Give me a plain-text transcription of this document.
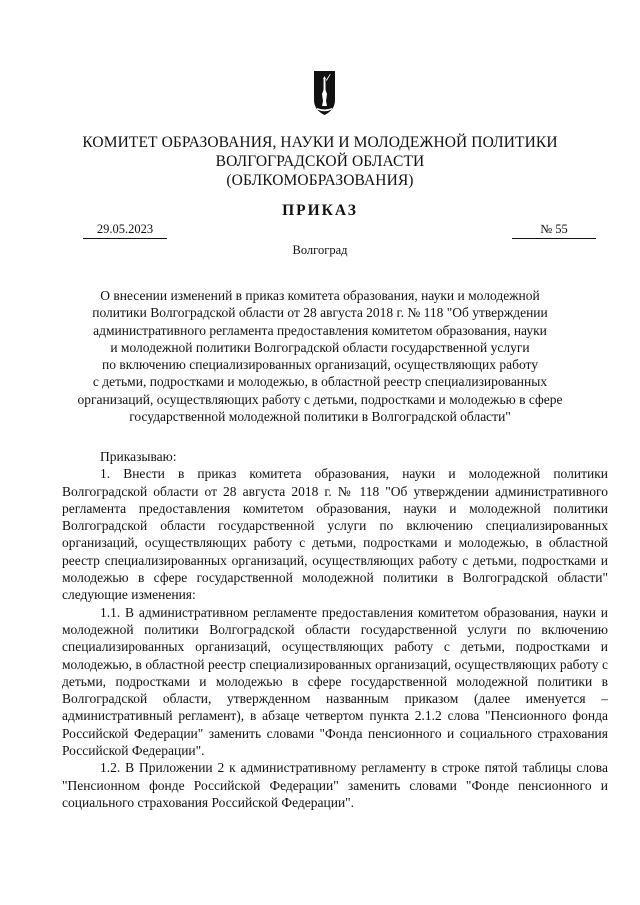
КОМИТЕТ ОБРАЗОВАНИЯ, НАУКИ И МОЛОДЕЖНОЙ ПОЛИТИКИ
ВОЛГОГРАДСКОЙ ОБЛАСТИ
(ОБЛКОМОБРАЗОВАНИЯ)
ПРИКАЗ
29.05.2023	№ 55
Волгоград
О внесении изменений в приказ комитета образования, науки и молодежной
политики Волгоградской области от 28 августа 2018 г. № 118 "Об утверждении
административного регламента предоставления комитетом образования, науки
и молодежной политики Волгоградской области государственной услуги
по включению специализированных организаций, осуществляющих работу
с детьми, подростками и молодежью, в областной реестр специализированных
организаций, осуществляющих работу с детьми, подростками и молодежью в сфере
государственной молодежной политики в Волгоградской области"

Приказываю:

1. Внести в приказ комитета образования, науки и молодежной политики Волгоградской области от 28 августа 2018 г. № 118 "Об утверждении административного регламента предоставления комитетом образования, науки и молодежной политики Волгоградской области государственной услуги по включению специализированных организаций, осуществляющих работу с детьми, подростками и молодежью, в областной реестр специализированных организаций, осуществляющих работу с детьми, подростками и молодежью в сфере государственной молодежной политики в Волгоградской области" следующие изменения:

1.1. В административном регламенте предоставления комитетом образования, науки и молодежной политики Волгоградской области государственной услуги по включению специализированных организаций, осуществляющих работу с детьми, подростками и молодежью, в областной реестр специализированных организаций, осуществляющих работу с детьми, подростками и молодежью в сфере государственной молодежной политики в Волгоградской области, утвержденном названным приказом (далее именуется – административный регламент), в абзаце четвертом пункта 2.1.2 слова "Пенсионного фонда Российской Федерации" заменить словами "Фонда пенсионного и социального страхования Российской Федерации".

1.2. В Приложении 2 к административному регламенту в строке пятой таблицы слова "Пенсионном фонде Российской Федерации" заменить словами "Фонде пенсионного и социального страхования Российской Федерации".
